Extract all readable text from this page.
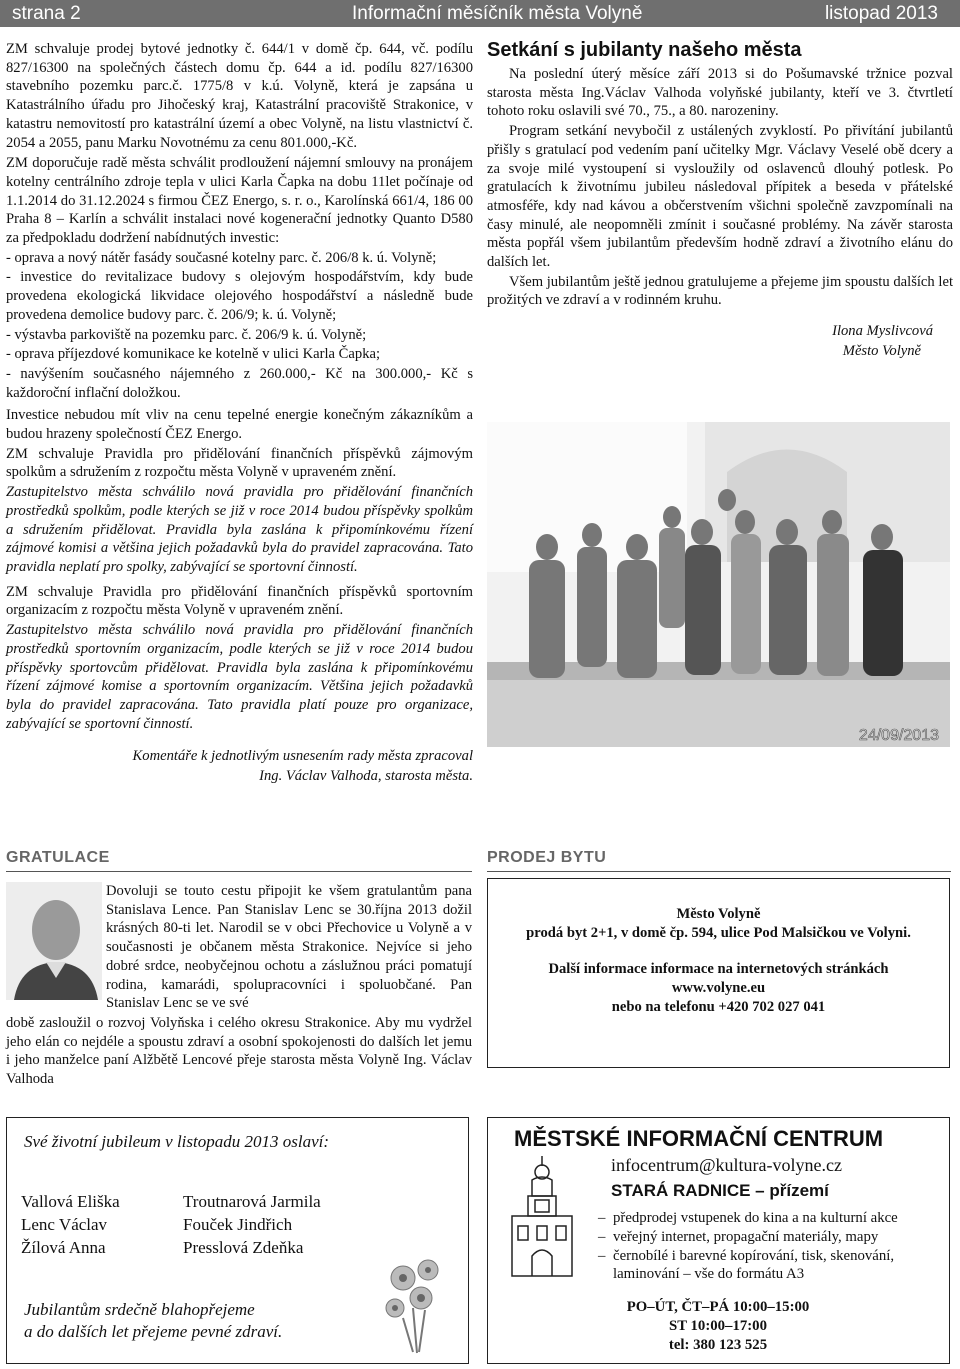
strana 2	Informační měsíčník města Volyně	listopad 2013

ZM schvaluje prodej bytové jednotky č. 644/1 v domě čp. 644, vč. podílu 827/16300 na společných částech domu čp. 644 a id. podílu 827/16300 stavebního pozemku parc.č. 1775/8 v k.ú. Volyně, která je zapsána u Katastrálního úřadu pro Jihočeský kraj, Katastrální pracoviště Strakonice, v katastru nemovitostí pro katastrální území a obec Volyně, na listu vlastnictví č. 2054 a 2055, panu Marku Novotnému za cenu 801.000,-Kč.

ZM doporučuje radě města schválit prodloužení nájemní smlouvy na pronájem kotelny centrálního zdroje tepla v ulici Karla Čapka na dobu 11let počínaje od 1.1.2014 do 31.12.2024 s firmou ČEZ Energo, s. r. o., Karolínská 661/4, 186 00 Praha 8 – Karlín a schválit instalaci nové kogenerační jednotky Quanto D580 za předpokladu dodržení nabídnutých investic:

- oprava a nový nátěr fasády současné kotelny parc. č. 206/8 k. ú. Volyně;

- investice do revitalizace budovy s olejovým hospodářstvím, kdy bude provedena ekologická likvidace olejového hospodářství a následně bude provedena demolice budovy parc. č. 206/9; k. ú. Volyně;

- výstavba parkoviště na pozemku parc. č. 206/9 k. ú. Volyně;

- oprava příjezdové komunikace ke kotelně v ulici Karla Čapka;

- navýšením současného nájemného z 260.000,- Kč na 300.000,- Kč s každoroční inflační doložkou.

Investice nebudou mít vliv na cenu tepelné energie konečným zákazníkům a budou hrazeny společností ČEZ Energo.

ZM schvaluje Pravidla pro přidělování finančních příspěvků zájmovým spolkům a sdružením z rozpočtu města Volyně v upraveném znění.

Zastupitelstvo města schválilo nová pravidla pro přidělování finančních prostředků spolkům, podle kterých se již v roce 2014 budou příspěvky spolkům a sdružením přidělovat. Pravidla byla zaslána k připomínkovému řízení zájmové komisi a většina jejich požadavků byla do pravidel zapracována. Tato pravidla neplatí pro spolky, zabývající se sportovní činností.

ZM schvaluje Pravidla pro přidělování finančních příspěvků sportovním organizacím z rozpočtu města Volyně v upraveném znění.

Zastupitelstvo města schválilo nová pravidla pro přidělování finančních prostředků sportovním organizacím, podle kterých se již v roce 2014 budou příspěvky sportovcům přidělovat. Pravidla byla zaslána k připomínkovému řízení zájmové komise a sportovním organizacím. Většina jejich požadavků byla do pravidel zapracována. Tato pravidla platí pouze pro organizace, zabývající se sportovní činností.

Komentáře k jednotlivým usnesením rady města zpracoval

Ing. Václav Valhoda, starosta města.

Setkání s jubilanty našeho města

Na poslední úterý měsíce září 2013 si do Pošumavské tržnice pozval starosta města Ing.Václav Valhoda volyňské jubilanty, kteří ve 3. čtvrtletí tohoto roku oslavili své 70., 75., a 80. narozeniny.

Program setkání nevybočil z ustálených zvyklostí. Po přivítání jubilantů přišly s gratulací pod vedením paní učitelky Mgr. Václavy Veselé obě dcery a za svoje milé vystoupení si vysloužily od oslavenců dlouhý potlesk. Po gratulacích k životnímu jubileu následoval přípitek a beseda v přátelské atmosféře, kdy nad kávou a občerstvením všichni společně zavzpomínali na časy minulé, ale neopomněli zmínit i současné problémy. Na závěr starosta města popřál všem jubilantům především hodně zdraví a životního elánu do dalších let.

Všem jubilantům ještě jednou gratulujeme a přejeme jim spoustu dalších let prožitých ve zdraví a v rodinném kruhu.

Ilona Myslivcová

Město Volyně

24/09/2013
GRATULACE

Dovoluji se touto cestu připojit ke všem gratulantům pana Stanislava Lence. Pan Stanislav Lenc se 30.října 2013 dožil krásných 80-ti let. Narodil se v obci Přechovice u Volyně a v současnosti je občanem města Strakonice. Nejvíce si jeho dobré srdce, neobyčejnou ochotu a záslužnou práci pomatují rodina, kamarádi, spolupracovníci i spoluobčané. Pan Stanislav Lenc se ve své

době zasloužil o rozvoj Volyňska i celého okresu Strakonice. Aby mu vydržel jeho elán co nejdéle a spoustu zdraví a osobní spokojenosti do dalších let jemu i jeho manželce paní Alžbětě Lencové přeje starosta města Volyně Ing. Václav Valhoda

PRODEJ BYTU
Město Volyně
prodá byt 2+1, v domě čp. 594, ulice Pod Malsičkou ve Volyni.
Další informace informace na internetových stránkách
www.volyne.eu
nebo na telefonu +420 702 027 041
Své životní jubileum v listopadu 2013 oslaví:
Vallová Eliška
Lenc Václav
Žílová Anna
Troutnarová Jarmila
Fouček Jindřich
Presslová Zdeňka
Jubilantům srdečně blahopřejeme
a do dalších let přejeme pevné zdraví.
MĚSTSKÉ INFORMAČNÍ CENTRUM
infocentrum@kultura-volyne.cz
STARÁ RADNICE – přízemí
– předprodej vstupenek do kina a na kulturní akce
– veřejný internet, propagační materiály, mapy
– černobílé i barevné kopírování, tisk, skenování, laminování – vše do formátu A3
PO–ÚT, ČT–PÁ 10:00–15:00
ST 10:00–17:00
tel: 380 123 525
